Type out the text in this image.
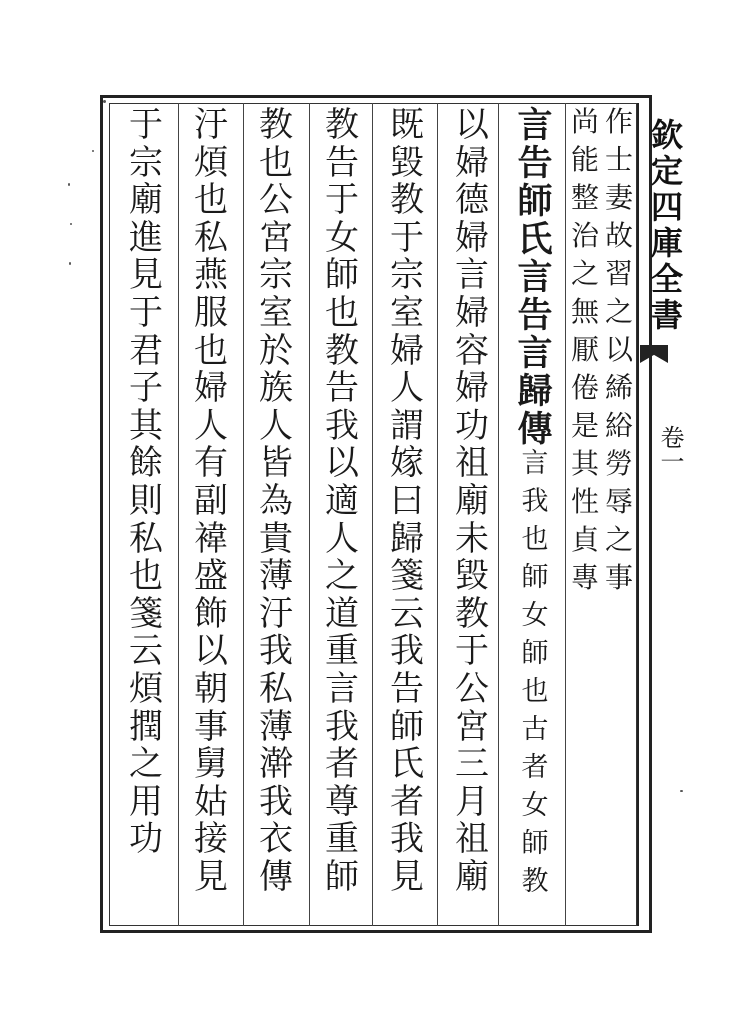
欽定四庫全書
卷一
作
士
妻
故
習
之
以
絺
綌
勞
辱
之
事
尚
能
整
治
之
無
厭
倦
是
其
性
貞
專
言
告
師
氏
言
告
言
歸
傳
言
我
也
師
女
師
也
古
者
女
師
教
以
婦
德
婦
言
婦
容
婦
功
祖
廟
未
毀
教
于
公
宮
三
月
祖
廟
既
毀
教
于
宗
室
婦
人
謂
嫁
曰
歸
箋
云
我
告
師
氏
者
我
見
教
告
于
女
師
也
教
告
我
以
適
人
之
道
重
言
我
者
尊
重
師
教
也
公
宮
宗
室
於
族
人
皆
為
貴
薄
汙
我
私
薄
澣
我
衣
傳
汙
煩
也
私
燕
服
也
婦
人
有
副
褘
盛
飾
以
朝
事
舅
姑
接
見
于
宗
廟
進
見
于
君
子
其
餘
則
私
也
箋
云
煩
撋
之
用
功
